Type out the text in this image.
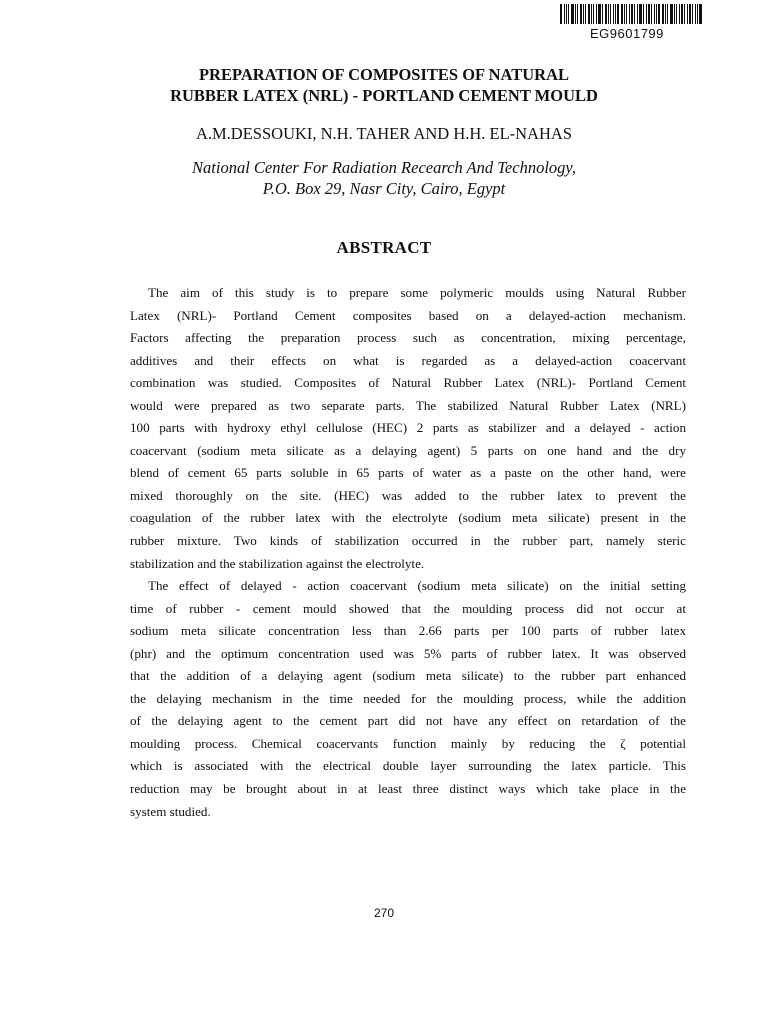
EG9601799
PREPARATION OF COMPOSITES OF NATURAL
RUBBER LATEX (NRL) - PORTLAND CEMENT MOULD
A.M.DESSOUKI, N.H. TAHER AND H.H. EL-NAHAS
National Center For Radiation Recearch And Technology,
P.O. Box 29, Nasr City, Cairo, Egypt
ABSTRACT

The aim of this study is to prepare some polymeric moulds using Natural Rubber
Latex (NRL)- Portland Cement composites based on a delayed-action mechanism.
Factors affecting the preparation process such as concentration, mixing percentage,
additives and their effects on what is regarded as a delayed-action coacervant
combination was studied. Composites of Natural Rubber Latex (NRL)- Portland Cement
would were prepared as two separate parts. The stabilized Natural Rubber Latex (NRL)
100 parts with hydroxy ethyl cellulose (HEC) 2 parts as stabilizer and a delayed - action
coacervant (sodium meta silicate as a delaying agent) 5 parts on one hand and the dry
blend of cement 65 parts soluble in 65 parts of water as a paste on the other hand, were
mixed thoroughly on the site. (HEC) was added to the rubber latex to prevent the
coagulation of the rubber latex with the electrolyte (sodium meta silicate) present in the
rubber mixture. Two kinds of stabilization occurred in the rubber part, namely steric
stabilization and the stabilization against the electrolyte.

The effect of delayed - action coacervant (sodium meta silicate) on the initial setting
time of rubber - cement mould showed that the moulding process did not occur at
sodium meta silicate concentration less than 2.66 parts per 100 parts of rubber latex
(phr) and the optimum concentration used was 5% parts of rubber latex. It was observed
that the addition of a delaying agent (sodium meta silicate) to the rubber part enhanced
the delaying mechanism in the time needed for the moulding process, while the addition
of the delaying agent to the cement part did not have any effect on retardation of the
moulding process. Chemical coacervants function mainly by reducing the ζ potential
which is associated with the electrical double layer surrounding the latex particle. This
reduction may be brought about in at least three distinct ways which take place in the
system studied.

270
